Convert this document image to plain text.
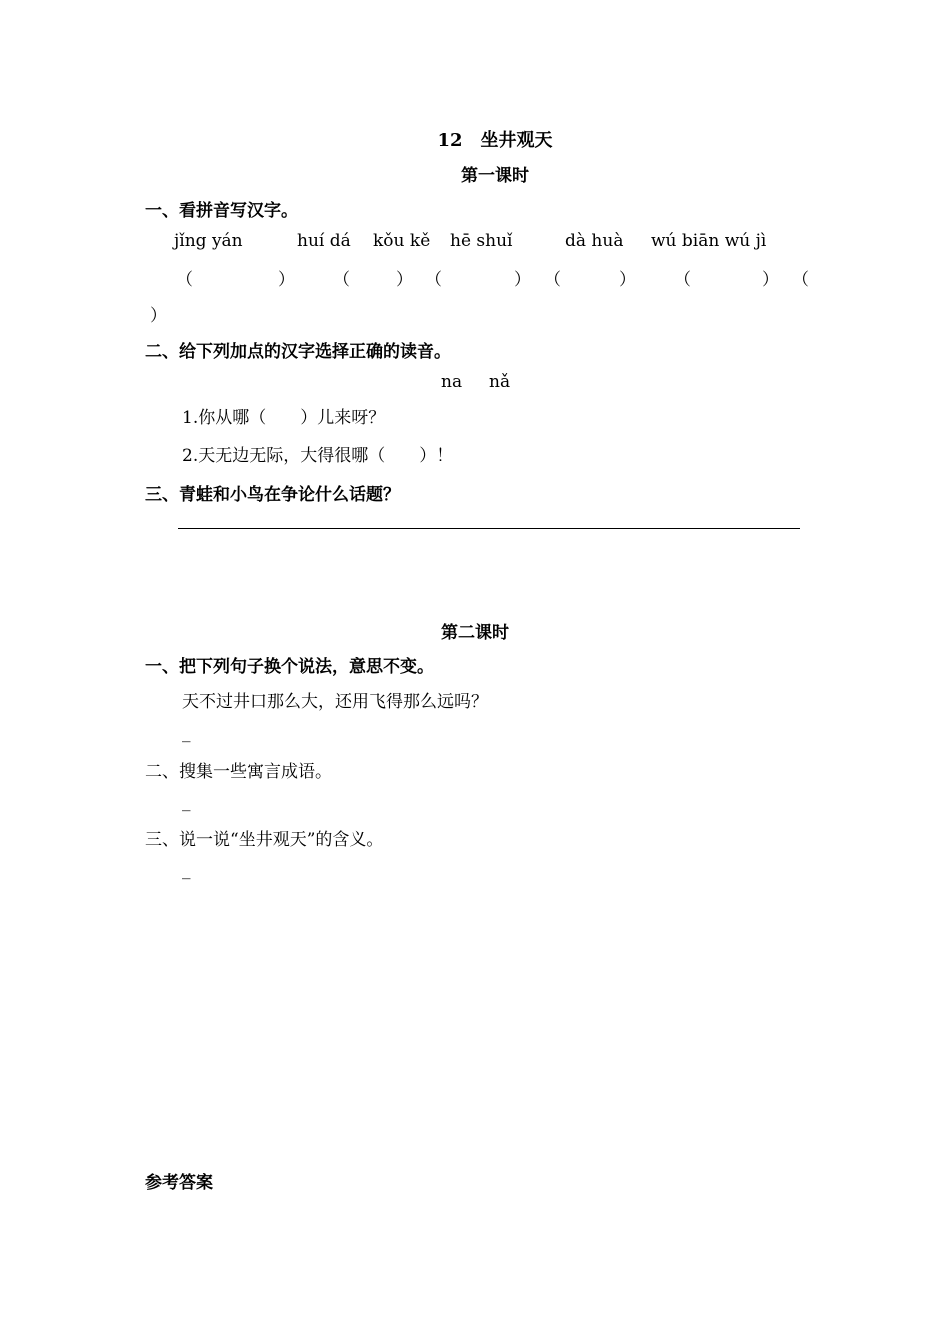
12　坐井观天
第一课时
一、看拼音写汉字。
jǐng yán	huí dá kǒu kě hē shuǐ	dà huà wú biān wú jì
（	） （	） （	） （	） （	） （
）
二、给下列加点的汉字选择正确的读音。
na nǎ
1.你从哪（　　）儿来呀？
2.天无边无际，大得很哪（　　）！
三、青蛙和小鸟在争论什么话题？
第二课时
一、把下列句子换个说法，意思不变。
天不过井口那么大，还用飞得那么远吗？
_
二、搜集一些寓言成语。
_
三、说一说“坐井观天”的含义。
_
参考答案
